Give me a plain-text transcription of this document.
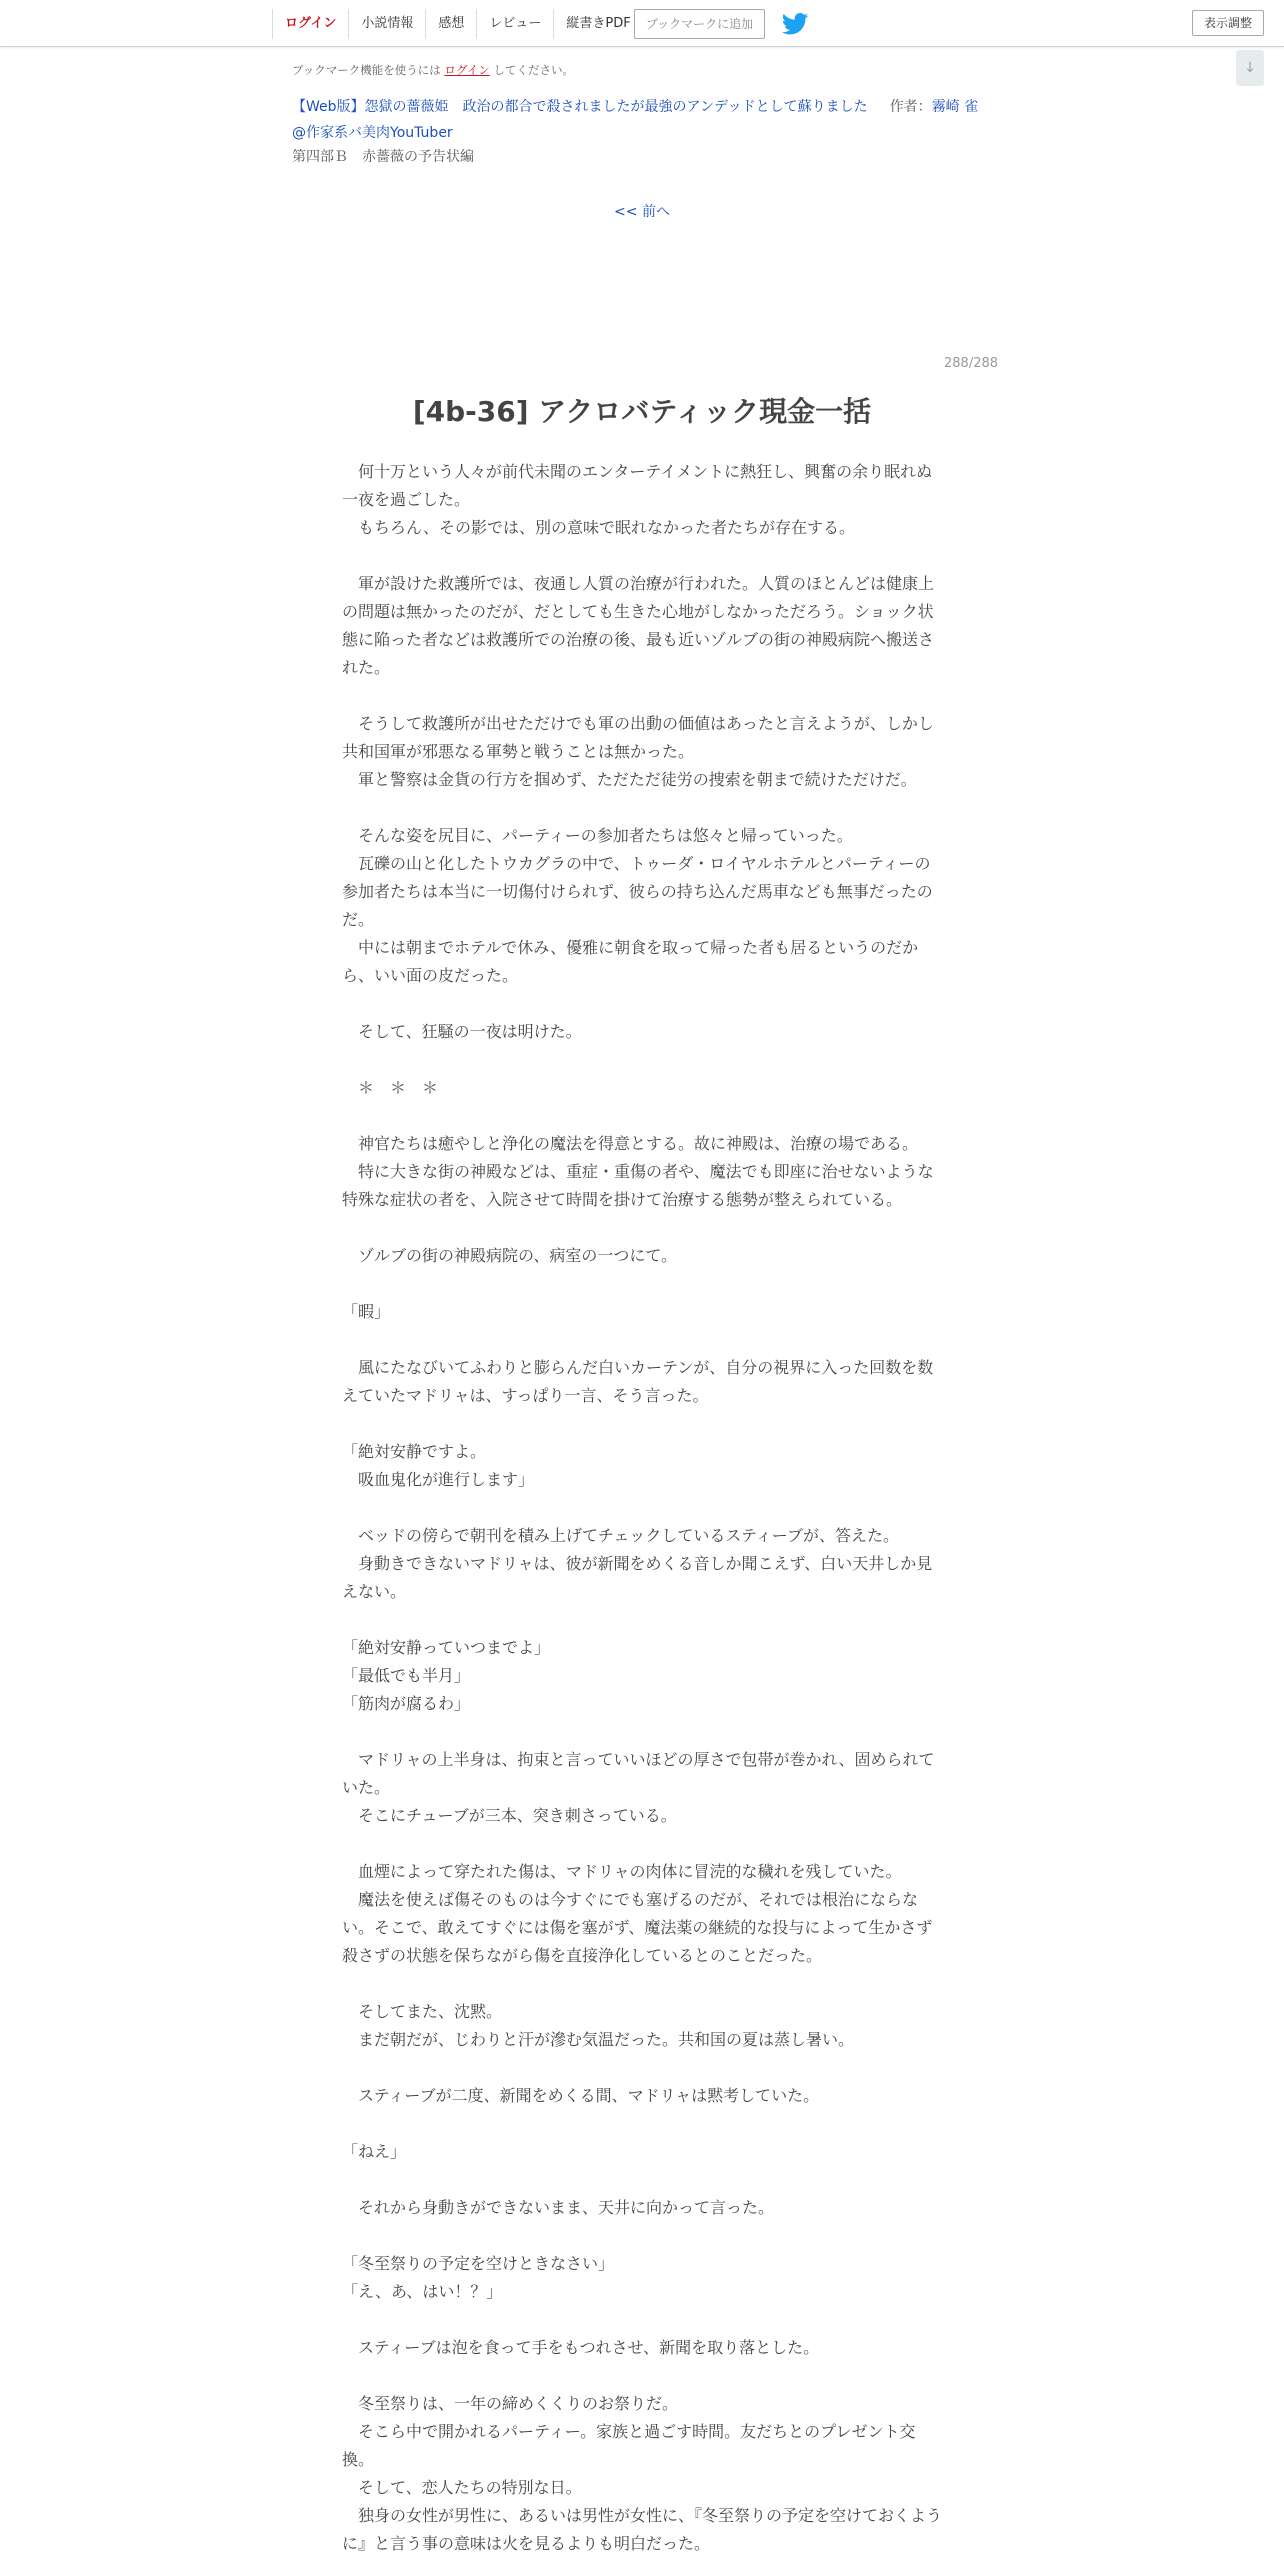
ログイン	小説情報	感想	レビュー	縦書きPDF	ブックマークに追加	表示調整
↓
ブックマーク機能を使うには ログイン してください。
【Web版】怨獄の薔薇姫　政治の都合で殺されましたが最強のアンデッドとして蘇りました 作者：霧崎 雀
@作家系バ美肉YouTuber
第四部Ｂ　赤薔薇の予告状編
<< 前へ
288/288
[4b-36] アクロバティック現金一括

　何十万という人々が前代未聞のエンターテイメントに熱狂し、興奮の余り眠れぬ一夜を過ごした。

　もちろん、その影では、別の意味で眠れなかった者たちが存在する。

　軍が設けた救護所では、夜通し人質の治療が行われた。人質のほとんどは健康上の問題は無かったのだが、だとしても生きた心地がしなかっただろう。ショック状態に陥った者などは救護所での治療の後、最も近いゾルブの街の神殿病院へ搬送された。

　そうして救護所が出せただけでも軍の出動の価値はあったと言えようが、しかし共和国軍が邪悪なる軍勢と戦うことは無かった。

　軍と警察は金貨の行方を掴めず、ただただ徒労の捜索を朝まで続けただけだ。

　そんな姿を尻目に、パーティーの参加者たちは悠々と帰っていった。

　瓦礫の山と化したトウカグラの中で、トゥーダ・ロイヤルホテルとパーティーの参加者たちは本当に一切傷付けられず、彼らの持ち込んだ馬車なども無事だったのだ。

　中には朝までホテルで休み、優雅に朝食を取って帰った者も居るというのだから、いい面の皮だった。

　そして、狂騒の一夜は明けた。

　＊　＊　＊

　神官たちは癒やしと浄化の魔法を得意とする。故に神殿は、治療の場である。

　特に大きな街の神殿などは、重症・重傷の者や、魔法でも即座に治せないような特殊な症状の者を、入院させて時間を掛けて治療する態勢が整えられている。

　ゾルブの街の神殿病院の、病室の一つにて。

「暇」

　風にたなびいてふわりと膨らんだ白いカーテンが、自分の視界に入った回数を数えていたマドリャは、すっぱり一言、そう言った。

「絶対安静ですよ。

　吸血鬼化が進行します」

　ベッドの傍らで朝刊を積み上げてチェックしているスティーブが、答えた。

　身動きできないマドリャは、彼が新聞をめくる音しか聞こえず、白い天井しか見えない。

「絶対安静っていつまでよ」

「最低でも半月」

「筋肉が腐るわ」

　マドリャの上半身は、拘束と言っていいほどの厚さで包帯が巻かれ、固められていた。

　そこにチューブが三本、突き刺さっている。

　血煙によって穿たれた傷は、マドリャの肉体に冒涜的な穢れを残していた。

　魔法を使えば傷そのものは今すぐにでも塞げるのだが、それでは根治にならない。そこで、敢えてすぐには傷を塞がず、魔法薬の継続的な投与によって生かさず殺さずの状態を保ちながら傷を直接浄化しているとのことだった。

　そしてまた、沈黙。

　まだ朝だが、じわりと汗が滲む気温だった。共和国の夏は蒸し暑い。

　スティーブが二度、新聞をめくる間、マドリャは黙考していた。

「ねえ」

　それから身動きができないまま、天井に向かって言った。

「冬至祭りの予定を空けときなさい」

「え、あ、はい！？」

　スティーブは泡を食って手をもつれさせ、新聞を取り落とした。

　冬至祭りは、一年の締めくくりのお祭りだ。

　そこら中で開かれるパーティー。家族と過ごす時間。友だちとのプレゼント交換。

　そして、恋人たちの特別な日。

　独身の女性が男性に、あるいは男性が女性に、『冬至祭りの予定を空けておくように』と言う事の意味は火を見るよりも明白だった。
